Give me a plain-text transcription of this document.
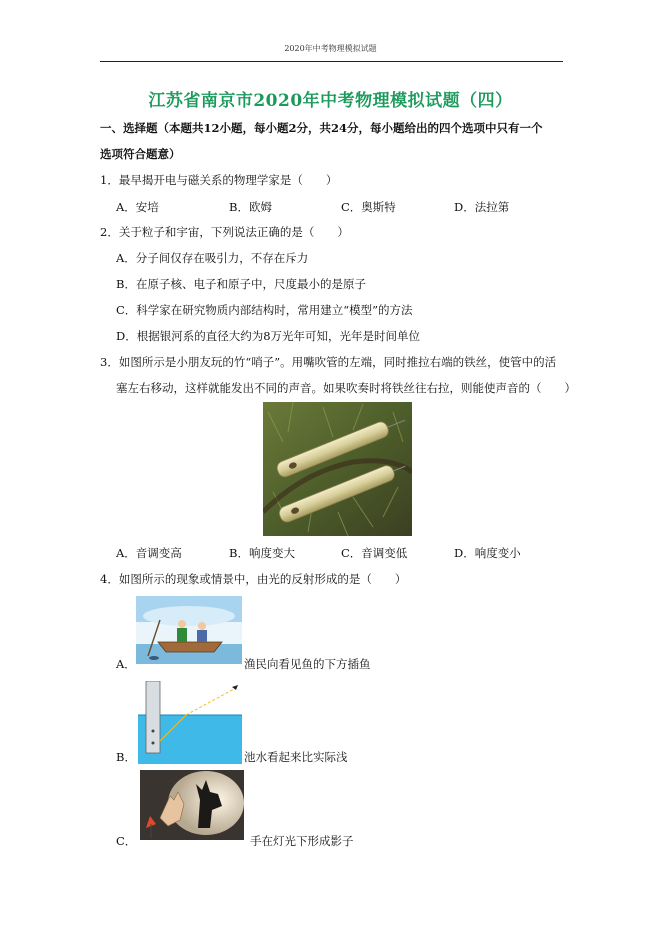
2020年中考物理模拟试题
江苏省南京市2020年中考物理模拟试题（四）
一、选择题（本题共12小题，每小题2分，共24分，每小题给出的四个选项中只有一个
选项符合题意）
1．最早揭开电与磁关系的物理学家是（　　）
A．安培	B．欧姆	C．奥斯特	D．法拉第
2．关于粒子和宇宙，下列说法正确的是（　　）
A．分子间仅存在吸引力，不存在斥力
B．在原子核、电子和原子中，尺度最小的是原子
C．科学家在研究物质内部结构时，常用建立“模型”的方法
D．根据银河系的直径大约为8万光年可知，光年是时间单位
3．如图所示是小朋友玩的竹“哨子”。用嘴吹管的左端，同时推拉右端的铁丝，使管中的活
塞左右移动，这样就能发出不同的声音。如果吹奏时将铁丝往右拉，则能使声音的（　　）
A．音调变高	B．响度变大	C．音调变低	D．响度变小
4．如图所示的现象或情景中，由光的反射形成的是（　　）
A．	渔民向看见鱼的下方插鱼
B．	池水看起来比实际浅
C．	手在灯光下形成影子
